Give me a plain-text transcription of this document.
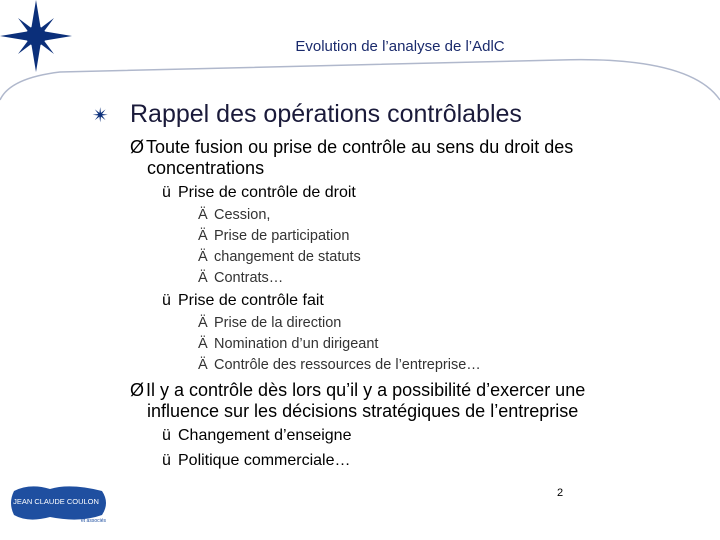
JEAN CLAUDE COULON
et associés
Evolution de l’analyse de l’AdlC
✴ Rappel des opérations contrôlables
Ø Toute fusion ou prise de contrôle au sens du droit des
concentrations
ü Prise de contrôle de droit
Ä Cession,
Ä Prise de participation
Ä changement de statuts
Ä Contrats…
ü Prise de contrôle fait
Ä Prise de la direction
Ä Nomination d’un dirigeant
Ä Contrôle des ressources de l’entreprise…
Ø Il y a contrôle dès lors qu’il y a possibilité d’exercer une
influence sur les décisions stratégiques de l’entreprise
ü Changement d’enseigne
ü Politique commerciale…
2
